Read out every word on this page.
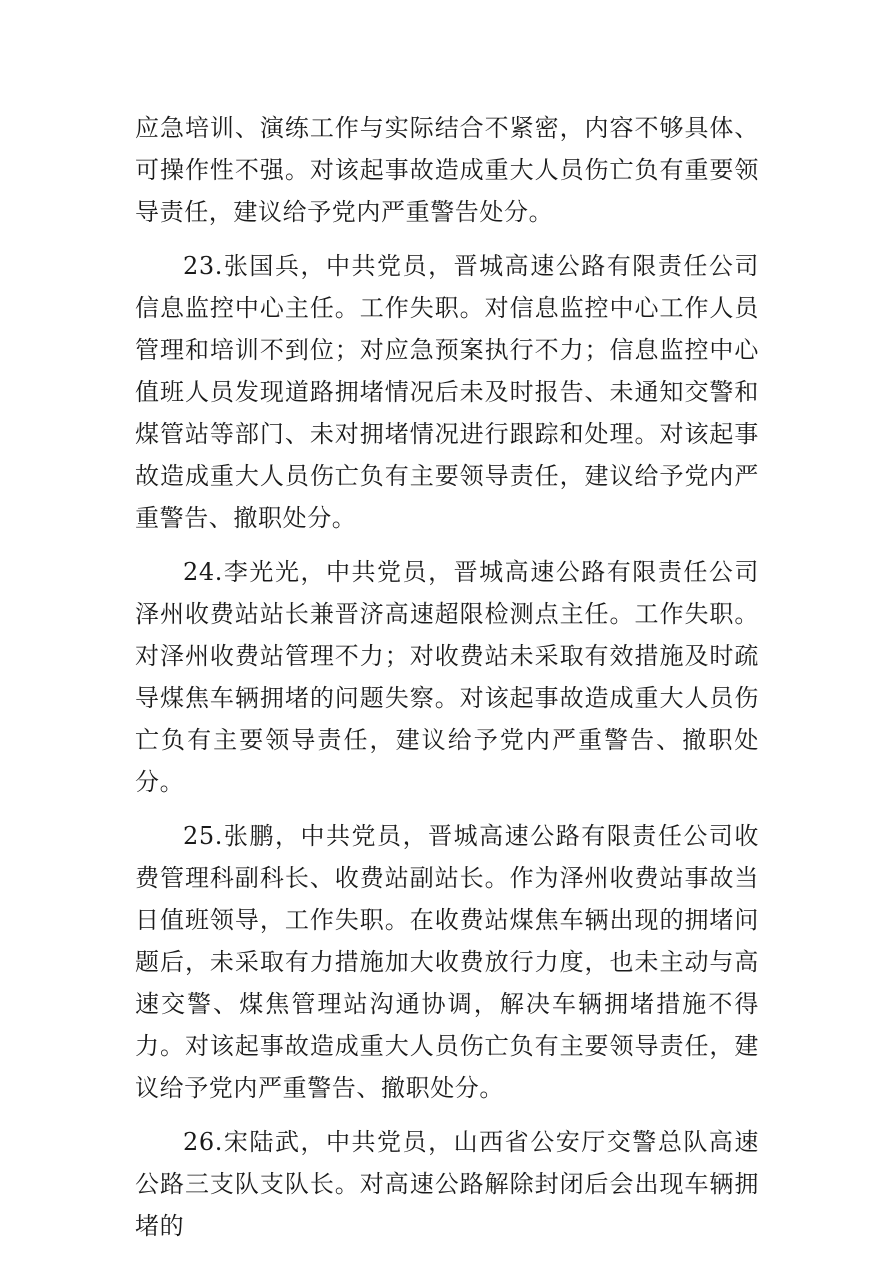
应急培训、演练工作与实际结合不紧密，内容不够具体、可操作性不强。对该起事故造成重大人员伤亡负有重要领导责任，建议给予党内严重警告处分。

23.张国兵，中共党员，晋城高速公路有限责任公司信息监控中心主任。工作失职。对信息监控中心工作人员管理和培训不到位；对应急预案执行不力；信息监控中心值班人员发现道路拥堵情况后未及时报告、未通知交警和煤管站等部门、未对拥堵情况进行跟踪和处理。对该起事故造成重大人员伤亡负有主要领导责任，建议给予党内严重警告、撤职处分。

24.李光光，中共党员，晋城高速公路有限责任公司泽州收费站站长兼晋济高速超限检测点主任。工作失职。对泽州收费站管理不力；对收费站未采取有效措施及时疏导煤焦车辆拥堵的问题失察。对该起事故造成重大人员伤亡负有主要领导责任，建议给予党内严重警告、撤职处分。

25.张鹏，中共党员，晋城高速公路有限责任公司收费管理科副科长、收费站副站长。作为泽州收费站事故当日值班领导，工作失职。在收费站煤焦车辆出现的拥堵问题后，未采取有力措施加大收费放行力度，也未主动与高速交警、煤焦管理站沟通协调，解决车辆拥堵措施不得力。对该起事故造成重大人员伤亡负有主要领导责任，建议给予党内严重警告、撤职处分。

26.宋陆武，中共党员，山西省公安厅交警总队高速公路三支队支队长。对高速公路解除封闭后会出现车辆拥堵的
